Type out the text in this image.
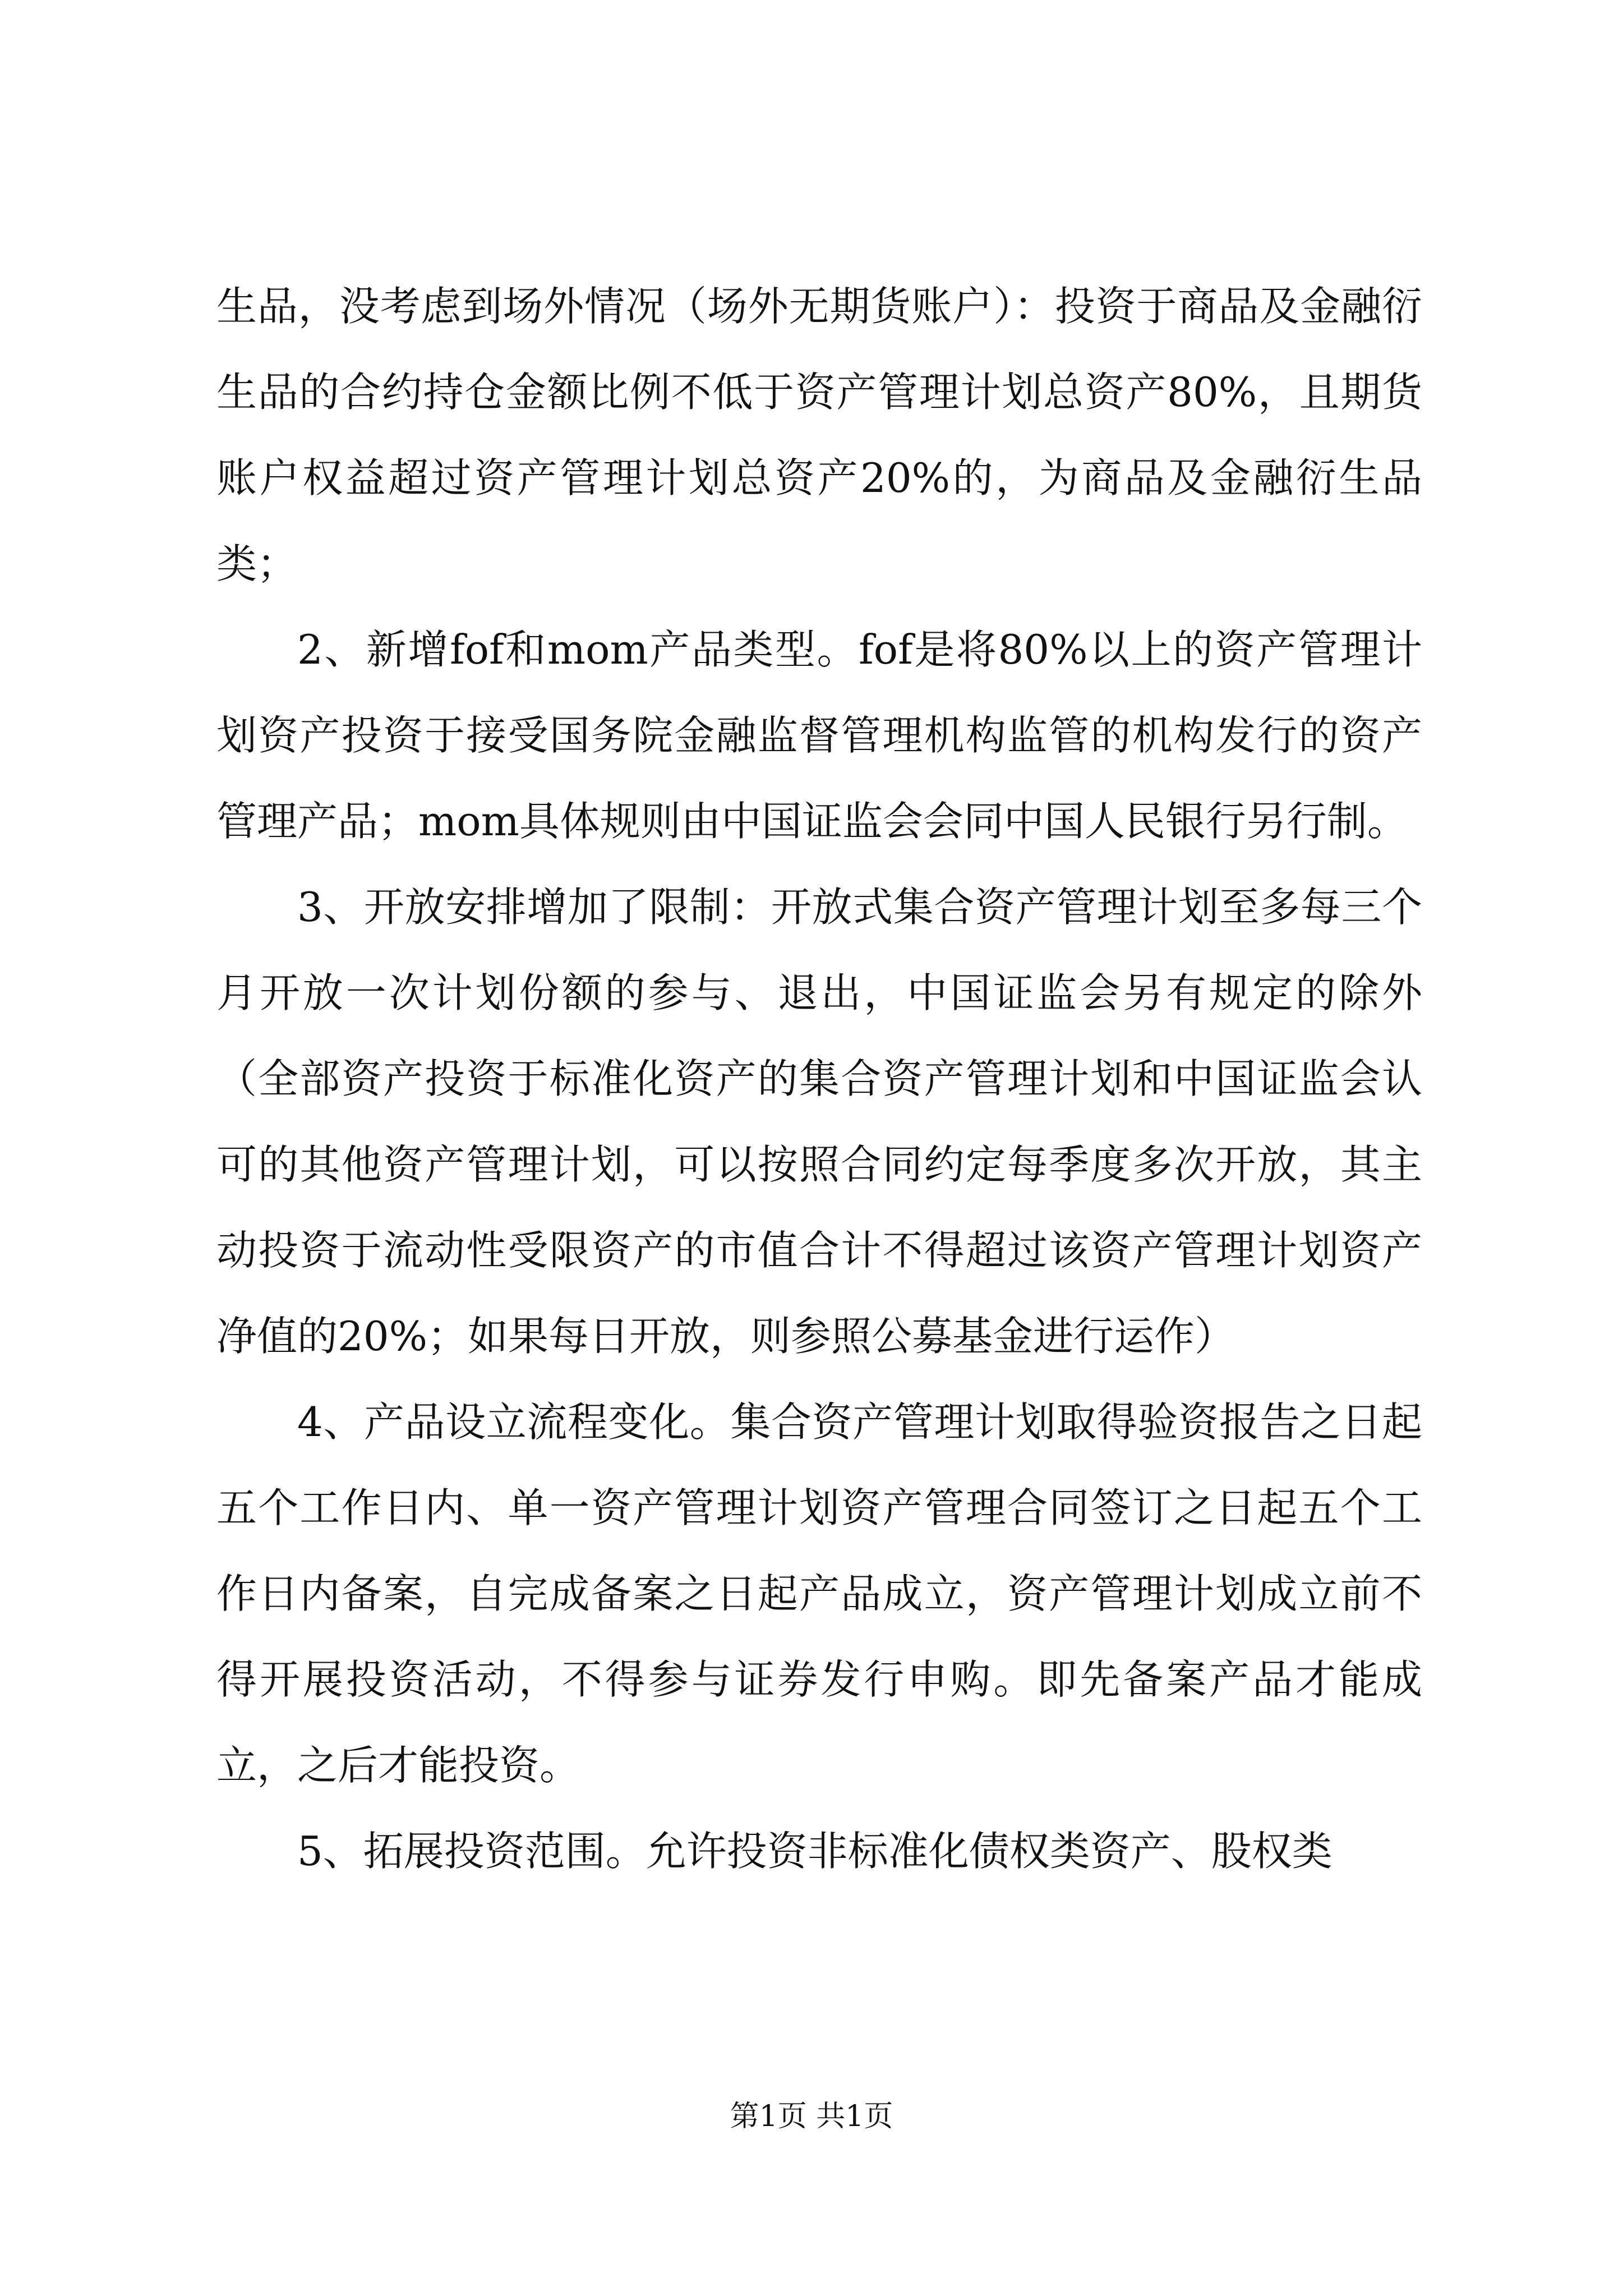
生品，没考虑到场外情况（场外无期货账户）：投资于商品及金融衍生品的合约持仓金额比例不低于资产管理计划总资产80%，且期货账户权益超过资产管理计划总资产20%的，为商品及金融衍生品类；

2、新增fof和mom产品类型。fof是将80%以上的资产管理计划资产投资于接受国务院金融监督管理机构监管的机构发行的资产管理产品；mom具体规则由中国证监会会同中国人民银行另行制。

3、开放安排增加了限制：开放式集合资产管理计划至多每三个月开放一次计划份额的参与、退出，中国证监会另有规定的除外（全部资产投资于标准化资产的集合资产管理计划和中国证监会认可的其他资产管理计划，可以按照合同约定每季度多次开放，其主动投资于流动性受限资产的市值合计不得超过该资产管理计划资产净值的20%；如果每日开放，则参照公募基金进行运作）

4、产品设立流程变化。集合资产管理计划取得验资报告之日起五个工作日内、单一资产管理计划资产管理合同签订之日起五个工作日内备案，自完成备案之日起产品成立，资产管理计划成立前不得开展投资活动，不得参与证券发行申购。即先备案产品才能成立，之后才能投资。

5、拓展投资范围。允许投资非标准化债权类资产、股权类

第1页 共1页
